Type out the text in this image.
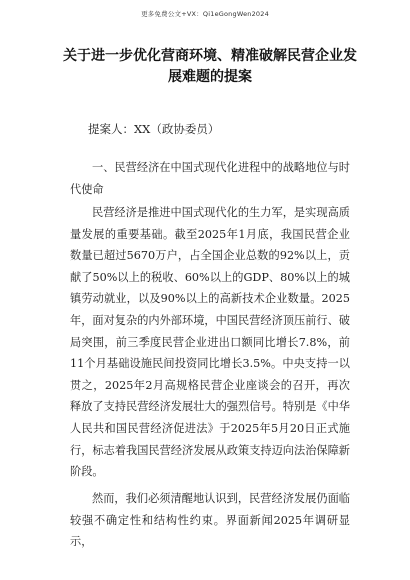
更多免费公文+VX：Qi1eGongWen2024
关于进一步优化营商环境、精准破解民营企业发展难题的提案
提案人：XX（政协委员）
一、民营经济在中国式现代化进程中的战略地位与时代使命
民营经济是推进中国式现代化的生力军，是实现高质量发展的重要基础。截至2025年1月底，我国民营企业数量已超过5670万户，占全国企业总数的92%以上，贡献了50%以上的税收、60%以上的GDP、80%以上的城镇劳动就业，以及90%以上的高新技术企业数量。2025年，面对复杂的内外部环境，中国民营经济顶压前行、破局突围，前三季度民营企业进出口额同比增长7.8%，前11个月基础设施民间投资同比增长3.5%。中央支持一以贯之，2025年2月高规格民营企业座谈会的召开，再次释放了支持民营经济发展壮大的强烈信号。特别是《中华人民共和国民营经济促进法》于2025年5月20日正式施行，标志着我国民营经济发展从政策支持迈向法治保障新阶段。
然而，我们必须清醒地认识到，民营经济发展仍面临较强不确定性和结构性约束。界面新闻2025年调研显示，
